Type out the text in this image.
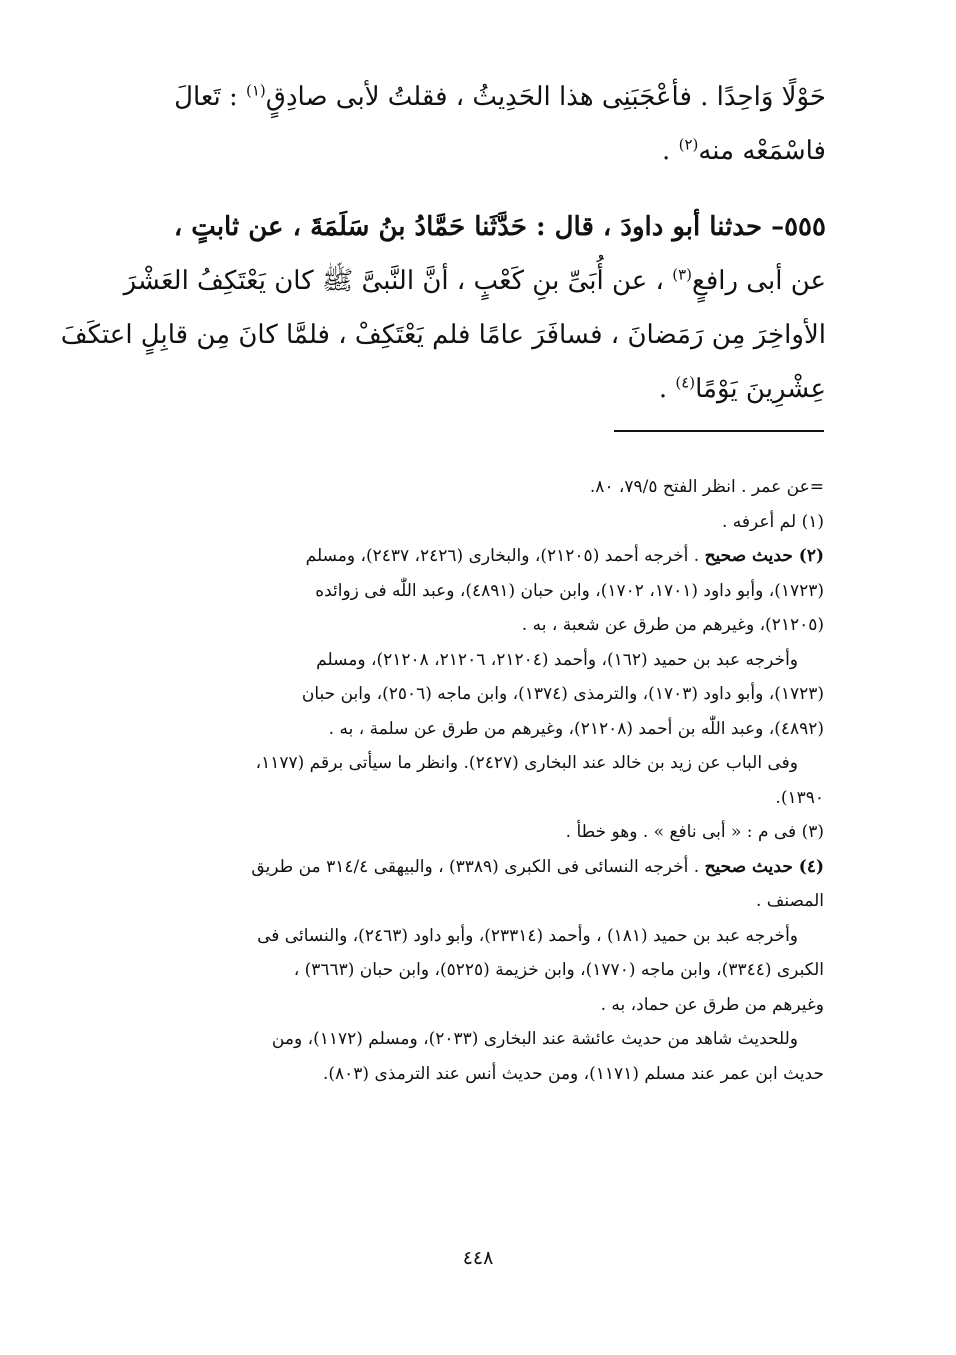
حَوْلًا وَاحِدًا . فأعْجَبَنِى هذا الحَدِيثُ ، فقلتُ لأبى صادِقٍ$^{(١)}$ : تَعالَ

فاسْمَعْه منه$^{(٢)}$ .

٥٥٥– حدثنا أبو داودَ ، قال : حَدَّثَنا حَمَّادُ بنُ سَلَمَةَ ، عن ثابتٍ ،

عن أبى رافعٍ$^{(٣)}$ ، عن أُبَىِّ بنِ كَعْبٍ ، أنَّ النَّبىَّ ﷺ كان يَعْتَكِفُ العَشْرَ

الأواخِرَ مِن رَمَضانَ ، فسافَرَ عامًا فلم يَعْتَكِفْ ، فلمَّا كانَ مِن قابِلٍ اعتكَفَ

عِشْرِينَ يَوْمًا$^{(٤)}$ .

=عن عمر . انظر الفتح ٧٩/٥، ٨٠.

(١) لم أعرفه .

(٢) حديث صحيح . أخرجه أحمد (٢١٢٠٥)، والبخارى (٢٤٢٦، ٢٤٣٧)، ومسلم

(١٧٢٣)، وأبو داود (١٧٠١، ١٧٠٢)، وابن حبان (٤٨٩١)، وعبد اللّٰه فى زوائده

(٢١٢٠٥)، وغيرهم من طرق عن شعبة ، به .

وأخرجه عبد بن حميد (١٦٢)، وأحمد (٢١٢٠٤، ٢١٢٠٦، ٢١٢٠٨)، ومسلم

(١٧٢٣)، وأبو داود (١٧٠٣)، والترمذى (١٣٧٤)، وابن ماجه (٢٥٠٦)، وابن حبان

(٤٨٩٢)، وعبد اللّٰه بن أحمد (٢١٢٠٨)، وغيرهم من طرق عن سلمة ، به .

وفى الباب عن زيد بن خالد عند البخارى (٢٤٢٧). وانظر ما سيأتى برقم (١١٧٧،

١٣٩٠).

(٣) فى م : « أبى نافع » . وهو خطأ .

(٤) حديث صحيح . أخرجه النسائى فى الكبرى (٣٣٨٩) ، والبيهقى ٣١٤/٤ من طريق

المصنف .

وأخرجه عبد بن حميد (١٨١) ، وأحمد (٢٣٣١٤)، وأبو داود (٢٤٦٣)، والنسائى فى

الكبرى (٣٣٤٤)، وابن ماجه (١٧٧٠)، وابن خزيمة (٥٢٢٥)، وابن حبان (٣٦٦٣) ،

وغيرهم من طرق عن حماد، به .

وللحديث شاهد من حديث عائشة عند البخارى (٢٠٣٣)، ومسلم (١١٧٢)، ومن

حديث ابن عمر عند مسلم (١١٧١)، ومن حديث أنس عند الترمذى (٨٠٣).

٤٤٨
